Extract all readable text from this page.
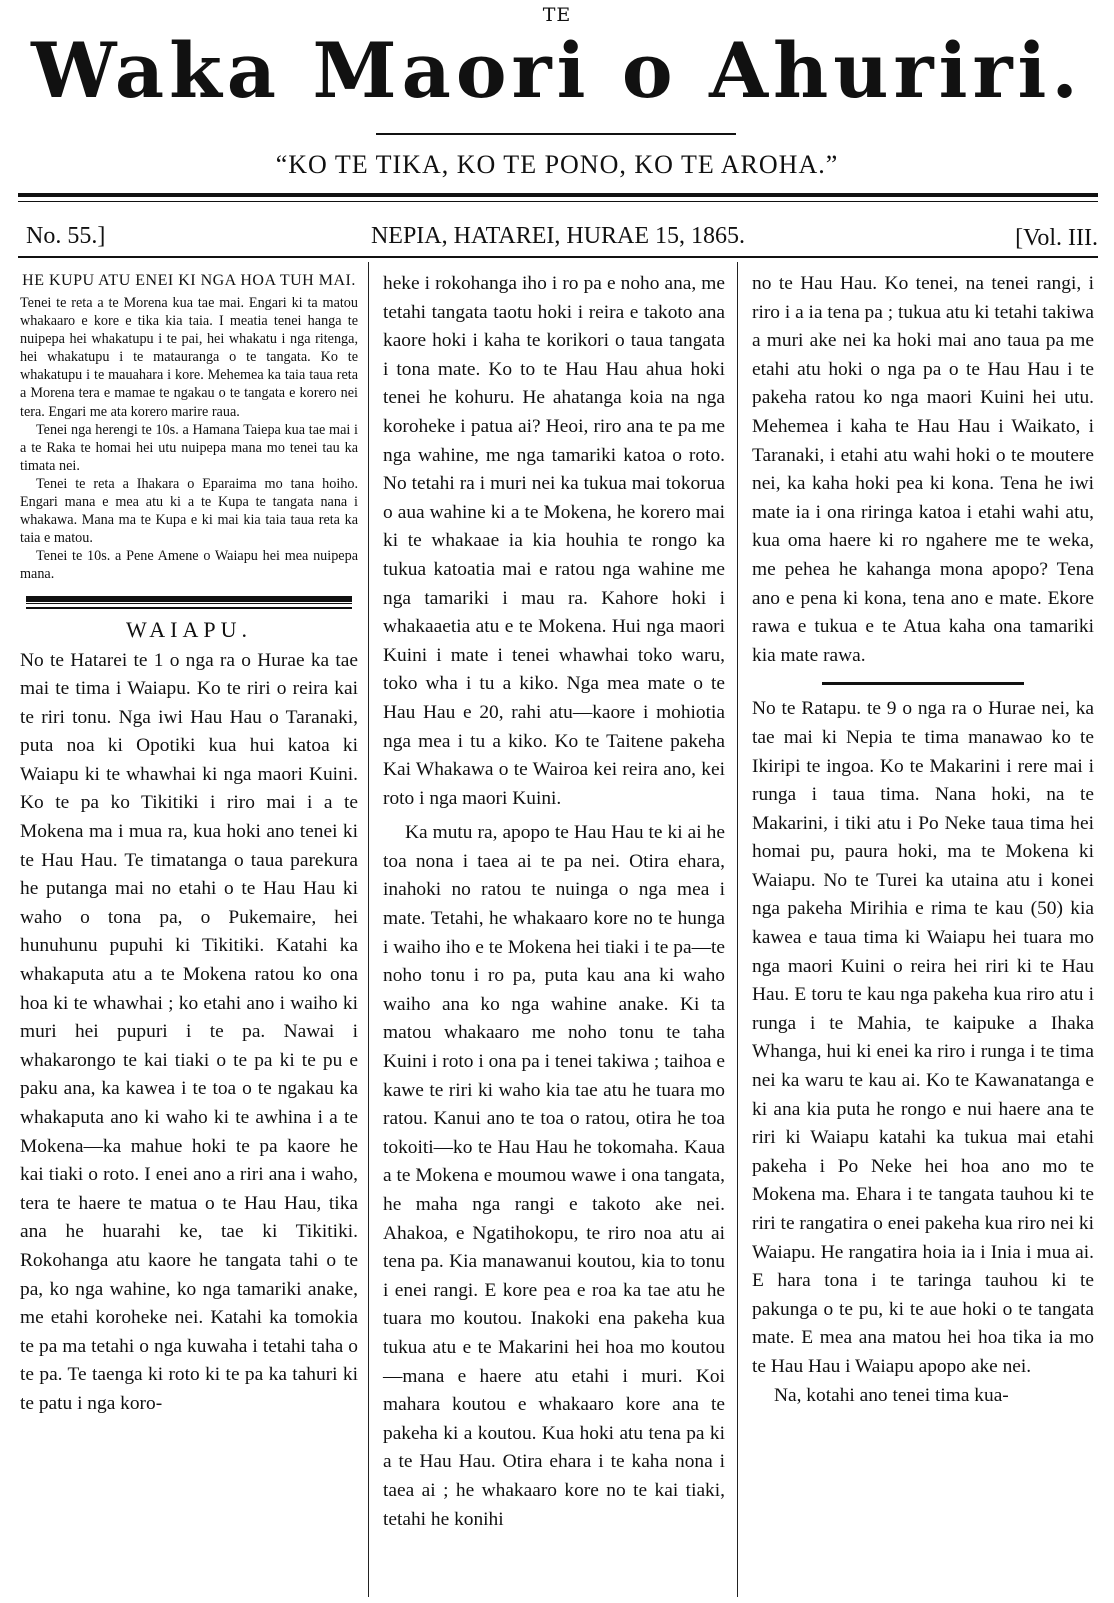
TE
Waka Maori o Ahuriri.
“KO TE TIKA, KO TE PONO, KO TE AROHA.”
No. 55.]	NEPIA, HATAREI, HURAE 15, 1865.	[Vol. III.
HE KUPU ATU ENEI KI NGA HOA TUH MAI.

Tenei te reta a te Morena kua tae mai. Engari ki ta matou whakaaro e kore e tika kia taia. I meatia tenei hanga te nuipepa hei whakatupu i te pai, hei whakatu i nga ritenga, hei whakatupu i te matauranga o te tangata. Ko te whakatupu i te mauahara i kore. Mehemea ka taia taua reta a Morena tera e mamae te ngakau o te tangata e korero nei tera. Engari me ata korero marire raua.

Tenei nga herengi te 10s. a Hamana Taiepa kua tae mai i a te Raka te homai hei utu nuipepa mana mo tenei tau ka timata nei.

Tenei te reta a Ihakara o Eparaima mo tana hoiho. Engari mana e mea atu ki a te Kupa te tangata nana i whakawa. Mana ma te Kupa e ki mai kia taia taua reta ka taia e matou.

Tenei te 10s. a Pene Amene o Waiapu hei mea nuipepa mana.

WAIAPU.

No te Hatarei te 1 o nga ra o Hurae ka tae mai te tima i Waiapu. Ko te riri o reira kai te riri tonu. Nga iwi Hau Hau o Taranaki, puta noa ki Opotiki kua hui katoa ki Waiapu ki te whawhai ki nga maori Kuini. Ko te pa ko Tikitiki i riro mai i a te Mokena ma i mua ra, kua hoki ano tenei ki te Hau Hau. Te timatanga o taua parekura he putanga mai no etahi o te Hau Hau ki waho o tona pa, o Pukemaire, hei hunuhunu pupuhi ki Tikitiki. Katahi ka whakaputa atu a te Mokena ratou ko ona hoa ki te whawhai ; ko etahi ano i waiho ki muri hei pupuri i te pa. Nawai i whakarongo te kai tiaki o te pa ki te pu e paku ana, ka kawea i te toa o te ngakau ka whakaputa ano ki waho ki te awhina i a te Mokena—ka mahue hoki te pa kaore he kai tiaki o roto. I enei ano a riri ana i waho, tera te haere te matua o te Hau Hau, tika ana he huarahi ke, tae ki Tikitiki. Rokohanga atu kaore he tangata tahi o te pa, ko nga wahine, ko nga tamariki anake, me etahi koroheke nei. Katahi ka tomokia te pa ma tetahi o nga kuwaha i tetahi taha o te pa. Te taenga ki roto ki te pa ka tahuri ki te patu i nga koro-

heke i rokohanga iho i ro pa e noho ana, me tetahi tangata taotu hoki i reira e takoto ana kaore hoki i kaha te korikori o taua tangata i tona mate. Ko to te Hau Hau ahua hoki tenei he kohuru. He ahatanga koia na nga koroheke i patua ai? Heoi, riro ana te pa me nga wahine, me nga tamariki katoa o roto. No tetahi ra i muri nei ka tukua mai tokorua o aua wahine ki a te Mokena, he korero mai ki te whakaae ia kia houhia te rongo ka tukua katoatia mai e ratou nga wahine me nga tamariki i mau ra. Kahore hoki i whakaaetia atu e te Mokena. Hui nga maori Kuini i mate i tenei whawhai toko waru, toko wha i tu a kiko. Nga mea mate o te Hau Hau e 20, rahi atu—kaore i mohiotia nga mea i tu a kiko. Ko te Taitene pakeha Kai Whakawa o te Wairoa kei reira ano, kei roto i nga maori Kuini.

Ka mutu ra, apopo te Hau Hau te ki ai he toa nona i taea ai te pa nei. Otira ehara, inahoki no ratou te nuinga o nga mea i mate. Tetahi, he whakaaro kore no te hunga i waiho iho e te Mokena hei tiaki i te pa—te noho tonu i ro pa, puta kau ana ki waho waiho ana ko nga wahine anake. Ki ta matou whakaaro me noho tonu te taha Kuini i roto i ona pa i tenei takiwa ; taihoa e kawe te riri ki waho kia tae atu he tuara mo ratou. Kanui ano te toa o ratou, otira he toa tokoiti—ko te Hau Hau he tokomaha. Kaua a te Mokena e moumou wawe i ona tangata, he maha nga rangi e takoto ake nei. Ahakoa, e Ngatihokopu, te riro noa atu ai tena pa. Kia manawanui koutou, kia to tonu i enei rangi. E kore pea e roa ka tae atu he tuara mo koutou. Inakoki ena pakeha kua tukua atu e te Makarini hei hoa mo koutou—mana e haere atu etahi i muri. Koi mahara koutou e whakaaro kore ana te pakeha ki a koutou. Kua hoki atu tena pa ki a te Hau Hau. Otira ehara i te kaha nona i taea ai ; he whakaaro kore no te kai tiaki, tetahi he konihi

no te Hau Hau. Ko tenei, na tenei rangi, i riro i a ia tena pa ; tukua atu ki tetahi takiwa a muri ake nei ka hoki mai ano taua pa me etahi atu hoki o nga pa o te Hau Hau i te pakeha ratou ko nga maori Kuini hei utu. Mehemea i kaha te Hau Hau i Waikato, i Taranaki, i etahi atu wahi hoki o te moutere nei, ka kaha hoki pea ki kona. Tena he iwi mate ia i ona riringa katoa i etahi wahi atu, kua oma haere ki ro ngahere me te weka, me pehea he kahanga mona apopo? Tena ano e pena ki kona, tena ano e mate. Ekore rawa e tukua e te Atua kaha ona tamariki kia mate rawa.

No te Ratapu. te 9 o nga ra o Hurae nei, ka tae mai ki Nepia te tima manawao ko te Ikiripi te ingoa. Ko te Makarini i rere mai i runga i taua tima. Nana hoki, na te Makarini, i tiki atu i Po Neke taua tima hei homai pu, paura hoki, ma te Mokena ki Waiapu. No te Turei ka utaina atu i konei nga pakeha Mirihia e rima te kau (50) kia kawea e taua tima ki Waiapu hei tuara mo nga maori Kuini o reira hei riri ki te Hau Hau. E toru te kau nga pakeha kua riro atu i runga i te Mahia, te kaipuke a Ihaka Whanga, hui ki enei ka riro i runga i te tima nei ka waru te kau ai. Ko te Kawanatanga e ki ana kia puta he rongo e nui haere ana te riri ki Waiapu katahi ka tukua mai etahi pakeha i Po Neke hei hoa ano mo te Mokena ma. Ehara i te tangata tauhou ki te riri te rangatira o enei pakeha kua riro nei ki Waiapu. He rangatira hoia ia i Inia i mua ai. E hara tona i te taringa tauhou ki te pakunga o te pu, ki te aue hoki o te tangata mate. E mea ana matou hei hoa tika ia mo te Hau Hau i Waiapu apopo ake nei.

Na, kotahi ano tenei tima kua-
